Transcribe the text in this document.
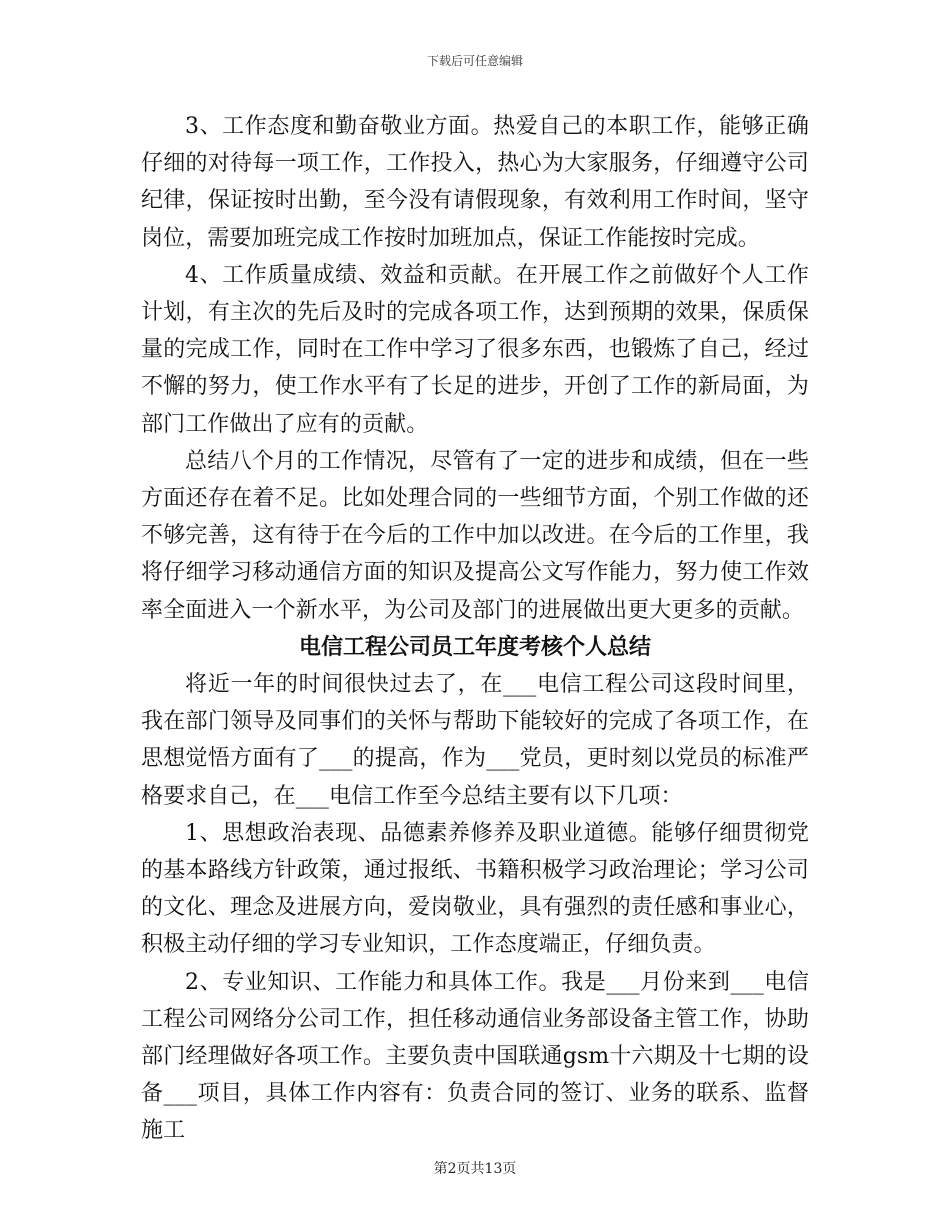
下载后可任意编辑

3、工作态度和勤奋敬业方面。热爱自己的本职工作，能够正确仔细的对待每一项工作，工作投入，热心为大家服务，仔细遵守公司纪律，保证按时出勤，至今没有请假现象，有效利用工作时间，坚守岗位，需要加班完成工作按时加班加点，保证工作能按时完成。

4、工作质量成绩、效益和贡献。在开展工作之前做好个人工作计划，有主次的先后及时的完成各项工作，达到预期的效果，保质保量的完成工作，同时在工作中学习了很多东西，也锻炼了自己，经过不懈的努力，使工作水平有了长足的进步，开创了工作的新局面，为部门工作做出了应有的贡献。

总结八个月的工作情况，尽管有了一定的进步和成绩，但在一些方面还存在着不足。比如处理合同的一些细节方面，个别工作做的还不够完善，这有待于在今后的工作中加以改进。在今后的工作里，我将仔细学习移动通信方面的知识及提高公文写作能力，努力使工作效率全面进入一个新水平，为公司及部门的进展做出更大更多的贡献。

电信工程公司员工年度考核个人总结

将近一年的时间很快过去了，在___电信工程公司这段时间里，我在部门领导及同事们的关怀与帮助下能较好的完成了各项工作，在思想觉悟方面有了___的提高，作为___党员，更时刻以党员的标准严格要求自己，在___电信工作至今总结主要有以下几项：

1、思想政治表现、品德素养修养及职业道德。能够仔细贯彻党的基本路线方针政策，通过报纸、书籍积极学习政治理论；学习公司的文化、理念及进展方向，爱岗敬业，具有强烈的责任感和事业心，积极主动仔细的学习专业知识，工作态度端正，仔细负责。

2、专业知识、工作能力和具体工作。我是___月份来到___电信工程公司网络分公司工作，担任移动通信业务部设备主管工作，协助部门经理做好各项工作。主要负责中国联通gsm十六期及十七期的设备___项目，具体工作内容有：负责合同的签订、业务的联系、监督施工

第2页共13页
